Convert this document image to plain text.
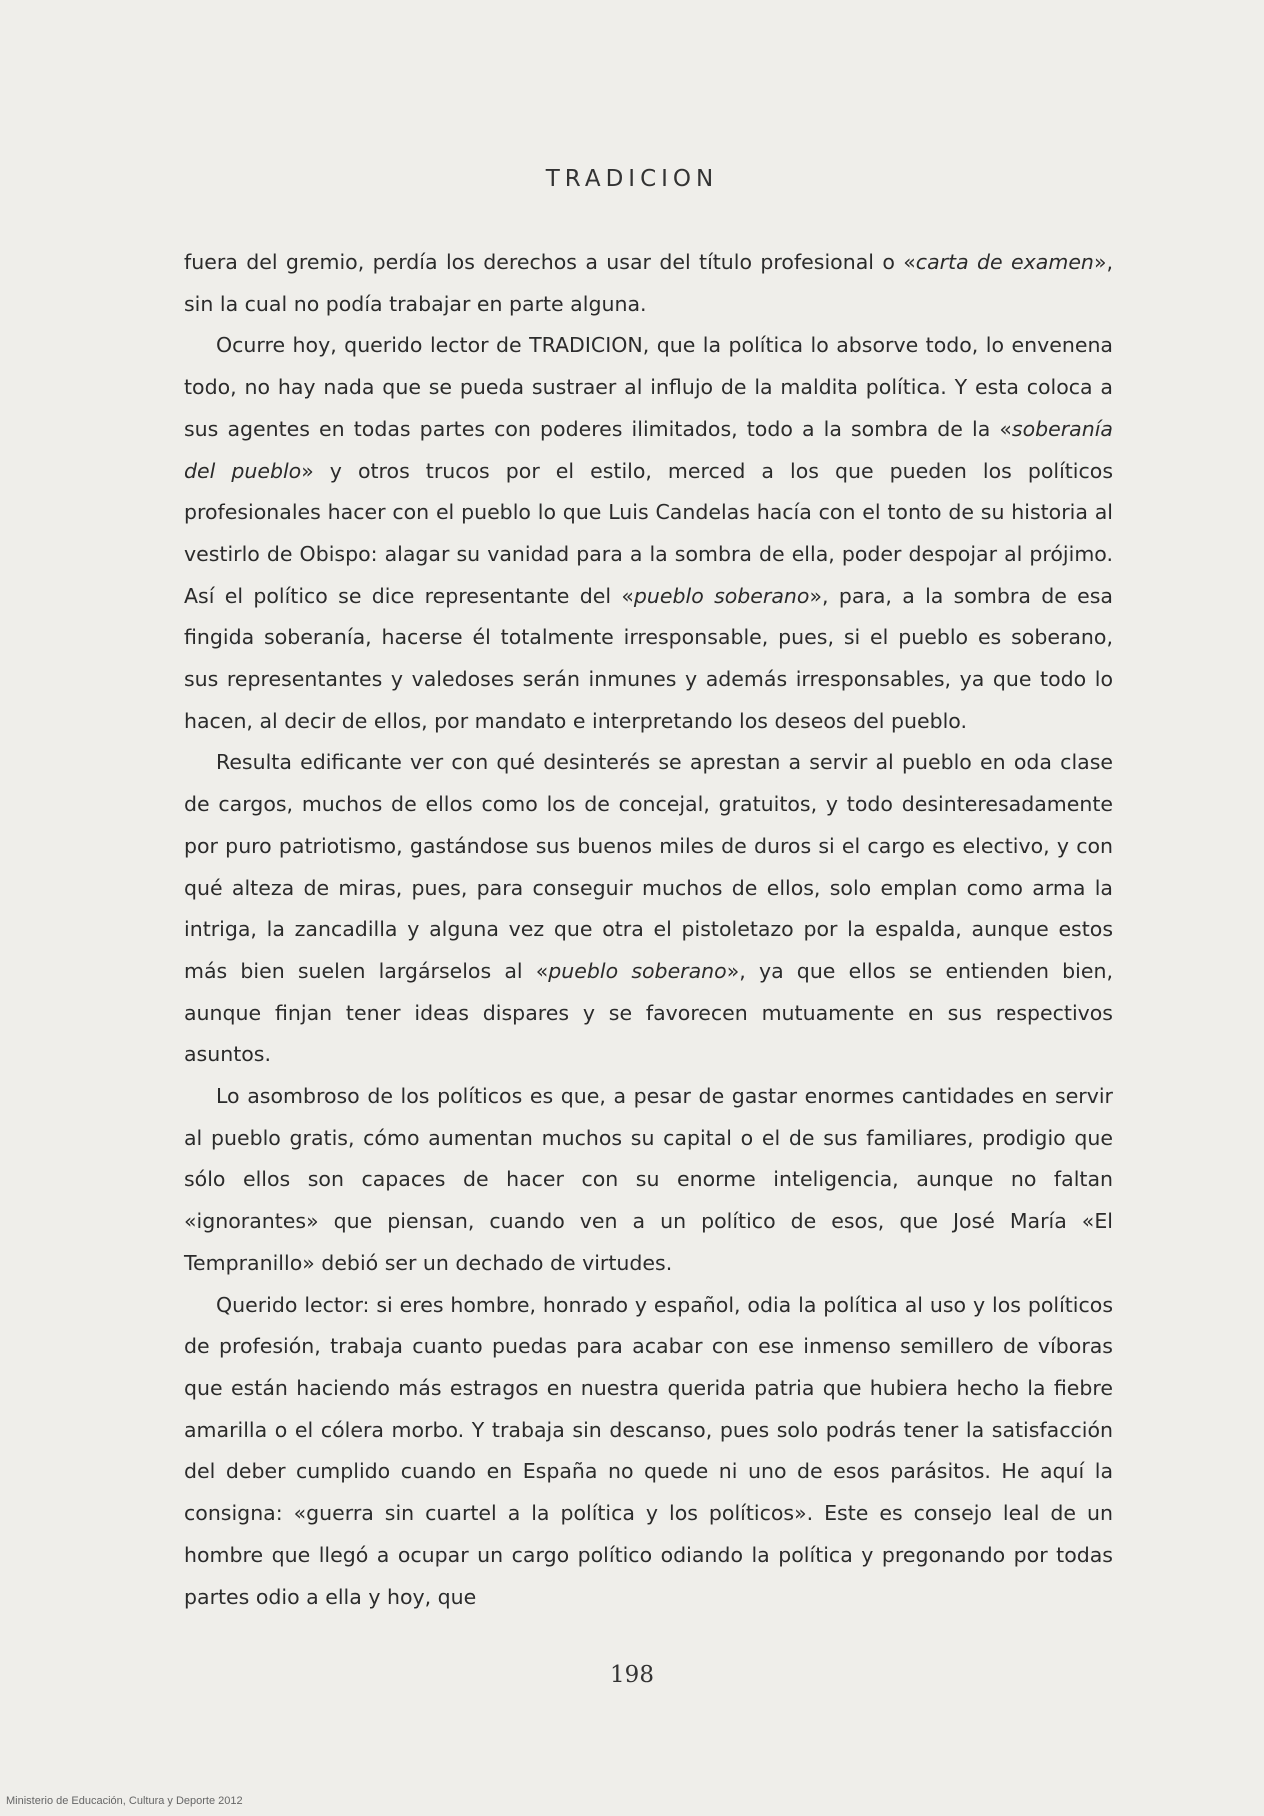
TRADICION

fuera del gremio, perdía los derechos a usar del título profesional o «carta de examen», sin la cual no podía trabajar en parte alguna.

Ocurre hoy, querido lector de TRADICION, que la política lo absorve todo, lo envenena todo, no hay nada que se pueda sustraer al influjo de la maldita política. Y esta coloca a sus agentes en todas partes con poderes ilimitados, todo a la sombra de la «soberanía del pueblo» y otros trucos por el estilo, merced a los que pueden los políticos profesionales hacer con el pueblo lo que Luis Candelas hacía con el tonto de su historia al vestirlo de Obispo: alagar su vanidad para a la sombra de ella, poder despojar al prójimo. Así el político se dice representante del «pueblo soberano», para, a la sombra de esa fingida soberanía, hacerse él totalmente irresponsable, pues, si el pueblo es soberano, sus representantes y valedoses serán inmunes y además irresponsables, ya que todo lo hacen, al decir de ellos, por mandato e interpretando los deseos del pueblo.

Resulta edificante ver con qué desinterés se aprestan a servir al pueblo en oda clase de cargos, muchos de ellos como los de concejal, gratuitos, y todo desinteresadamente por puro patriotismo, gastándose sus buenos miles de duros si el cargo es electivo, y con qué alteza de miras, pues, para conseguir muchos de ellos, solo emplan como arma la intriga, la zancadilla y alguna vez que otra el pistoletazo por la espalda, aunque estos más bien suelen largárselos al «pueblo soberano», ya que ellos se entienden bien, aunque finjan tener ideas dispares y se favorecen mutuamente en sus respectivos asuntos.

Lo asombroso de los políticos es que, a pesar de gastar enormes cantidades en servir al pueblo gratis, cómo aumentan muchos su capital o el de sus familiares, prodigio que sólo ellos son capaces de hacer con su enorme inteligencia, aunque no faltan «ignorantes» que piensan, cuando ven a un político de esos, que José María «El Tempranillo» debió ser un dechado de virtudes.

Querido lector: si eres hombre, honrado y español, odia la política al uso y los políticos de profesión, trabaja cuanto puedas para acabar con ese inmenso semillero de víboras que están haciendo más estragos en nuestra querida patria que hubiera hecho la fiebre amarilla o el cólera morbo. Y trabaja sin descanso, pues solo podrás tener la satisfacción del deber cumplido cuando en España no quede ni uno de esos parásitos. He aquí la consigna: «guerra sin cuartel a la política y los políticos». Este es consejo leal de un hombre que llegó a ocupar un cargo político odiando la política y pregonando por todas partes odio a ella y hoy, que

198
Ministerio de Educación, Cultura y Deporte 2012
